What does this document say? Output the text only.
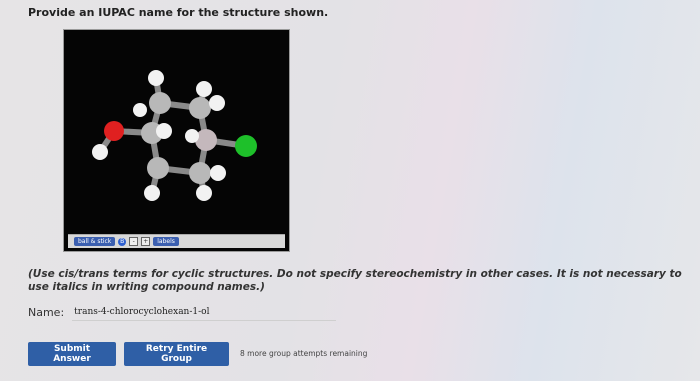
Provide an IUPAC name for the structure shown.
ball & stick	B	-	+	labels
(Use cis/trans terms for cyclic structures. Do not specify stereochemistry in other cases. It is not necessary to use italics in writing compound names.)
Name:
trans-4-chlorocyclohexan-1-ol
Submit Answer
Retry Entire Group
8 more group attempts remaining
